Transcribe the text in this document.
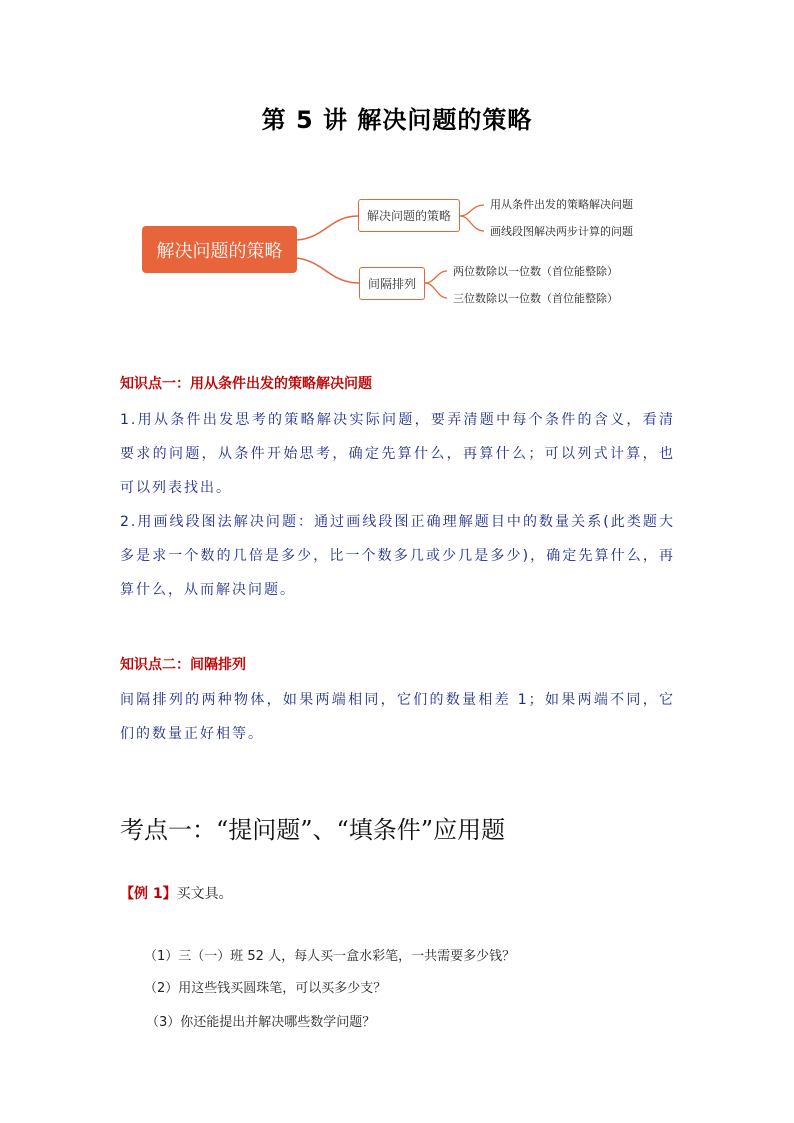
第 5 讲 解决问题的策略
解决问题的策略
解决问题的策略
间隔排列
用从条件出发的策略解决问题
画线段图解决两步计算的问题
两位数除以一位数（首位能整除）
三位数除以一位数（首位能整除）
知识点一：用从条件出发的策略解决问题
1.用从条件出发思考的策略解决实际问题，要弄清题中每个条件的含义，看清要求的问题，从条件开始思考，确定先算什么，再算什么；可以列式计算，也可以列表找出。
2.用画线段图法解决问题：通过画线段图正确理解题目中的数量关系(此类题大多是求一个数的几倍是多少，比一个数多几或少几是多少)，确定先算什么，再算什么，从而解决问题。
知识点二：间隔排列
间隔排列的两种物体，如果两端相同，它们的数量相差 1；如果两端不同，它们的数量正好相等。
考点一：“提问题”、“填条件”应用题
【例 1】买文具。
（1）三（一）班 52 人，每人买一盒水彩笔，一共需要多少钱？
（2）用这些钱买圆珠笔，可以买多少支？
（3）你还能提出并解决哪些数学问题？
